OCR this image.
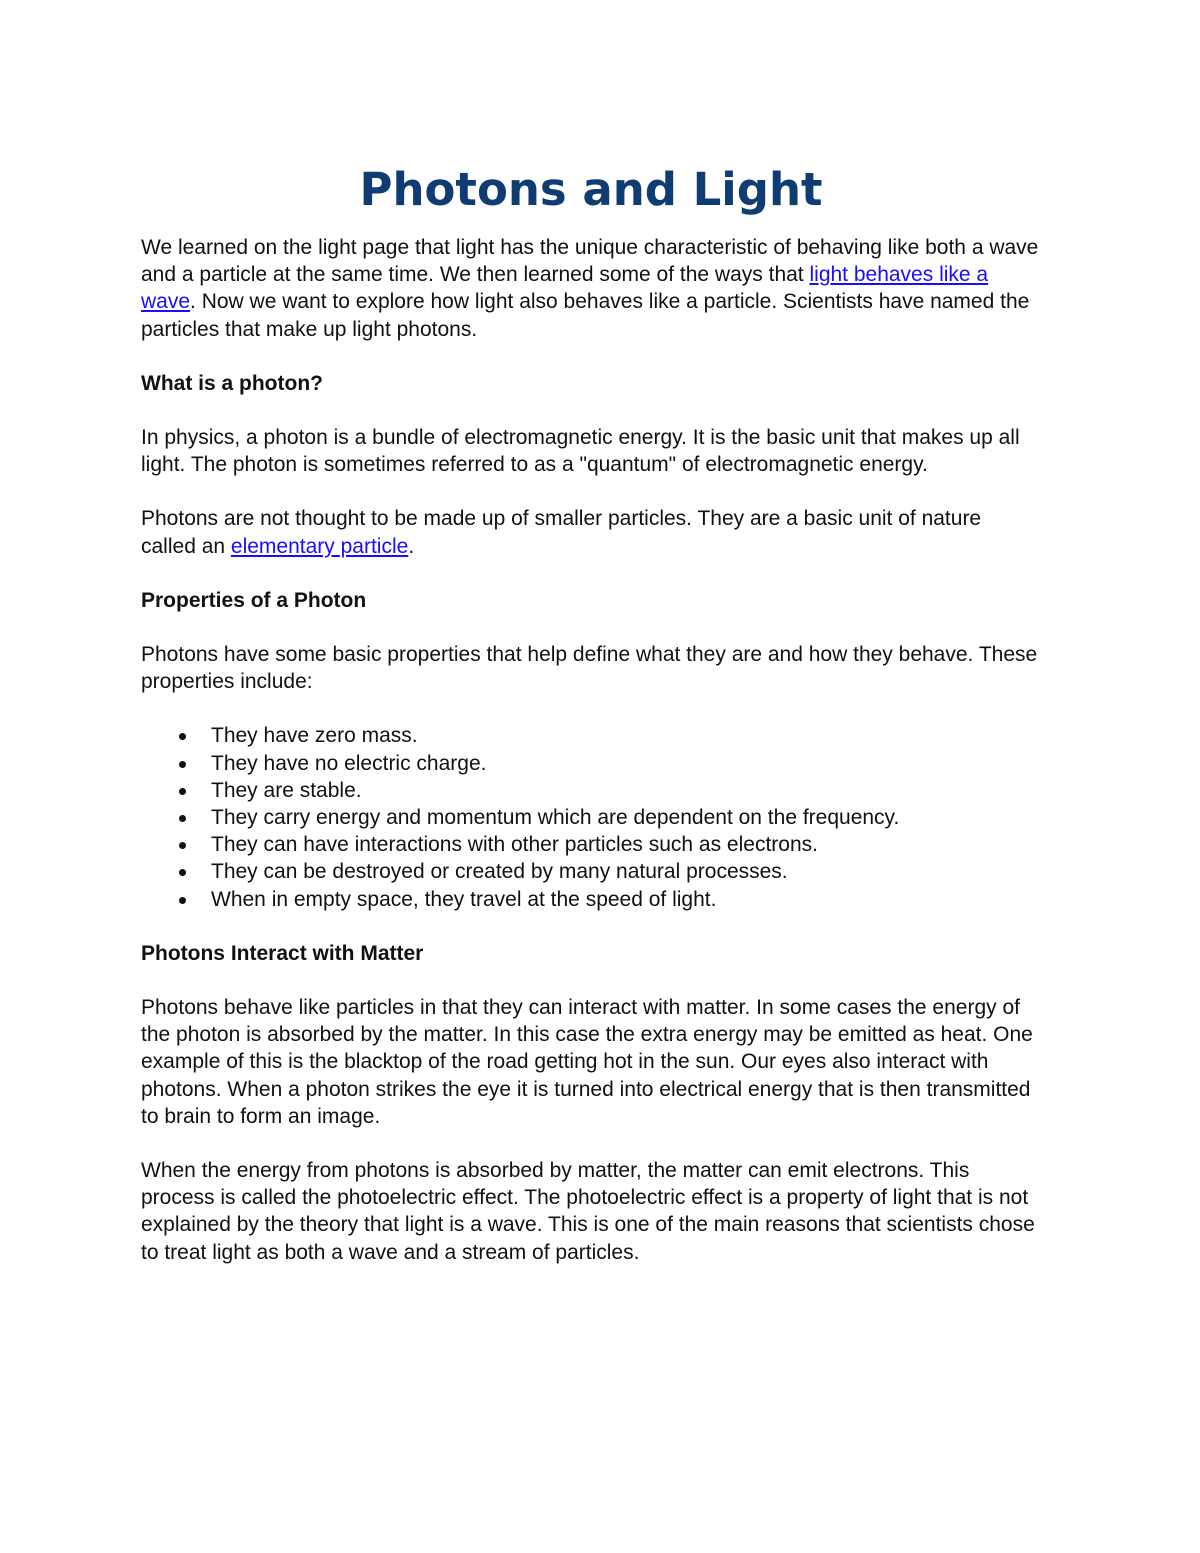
Photons and Light

We learned on the light page that light has the unique characteristic of behaving like both a wave and a particle at the same time. We then learned some of the ways that light behaves like a wave. Now we want to explore how light also behaves like a particle. Scientists have named the particles that make up light photons.

What is a photon?

In physics, a photon is a bundle of electromagnetic energy. It is the basic unit that makes up all light. The photon is sometimes referred to as a "quantum" of electromagnetic energy.

Photons are not thought to be made up of smaller particles. They are a basic unit of nature called an elementary particle.

Properties of a Photon

Photons have some basic properties that help define what they are and how they behave. These properties include:

They have zero mass.
They have no electric charge.
They are stable.
They carry energy and momentum which are dependent on the frequency.
They can have interactions with other particles such as electrons.
They can be destroyed or created by many natural processes.
When in empty space, they travel at the speed of light.
Photons Interact with Matter

Photons behave like particles in that they can interact with matter. In some cases the energy of the photon is absorbed by the matter. In this case the extra energy may be emitted as heat. One example of this is the blacktop of the road getting hot in the sun. Our eyes also interact with photons. When a photon strikes the eye it is turned into electrical energy that is then transmitted to brain to form an image.

When the energy from photons is absorbed by matter, the matter can emit electrons. This process is called the photoelectric effect. The photoelectric effect is a property of light that is not explained by the theory that light is a wave. This is one of the main reasons that scientists chose to treat light as both a wave and a stream of particles.
